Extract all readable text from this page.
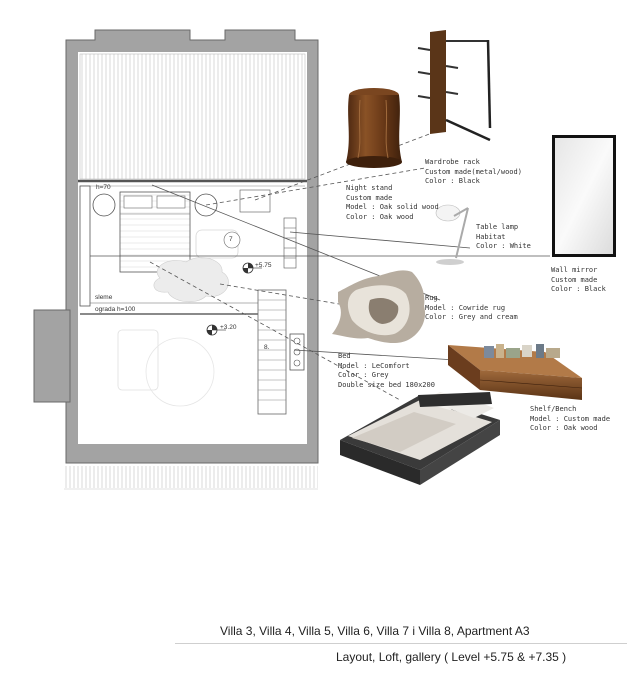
h=70
7
8.
+5.75
+3.20
sleme
ograda h=100
Wardrobe rack
Custom made(metal/wood)
Color : Black
Night stand
Custom made
Model : Oak solid wood
Color : Oak wood
Table lamp
Habitat
Color : White
Wall mirror
Custom made
Color : Black
Rug
Model : Cowride rug
Color : Grey and cream
Bed
Model : LeComfort
Color : Grey
Double size bed 180x200
Shelf/Bench
Model : Custom made
Color : Oak wood
Villa 3, Villa 4, Villa 5, Villa 6, Villa 7 i Villa 8, Apartment A3
Layout, Loft, gallery ( Level +5.75 & +7.35 )
